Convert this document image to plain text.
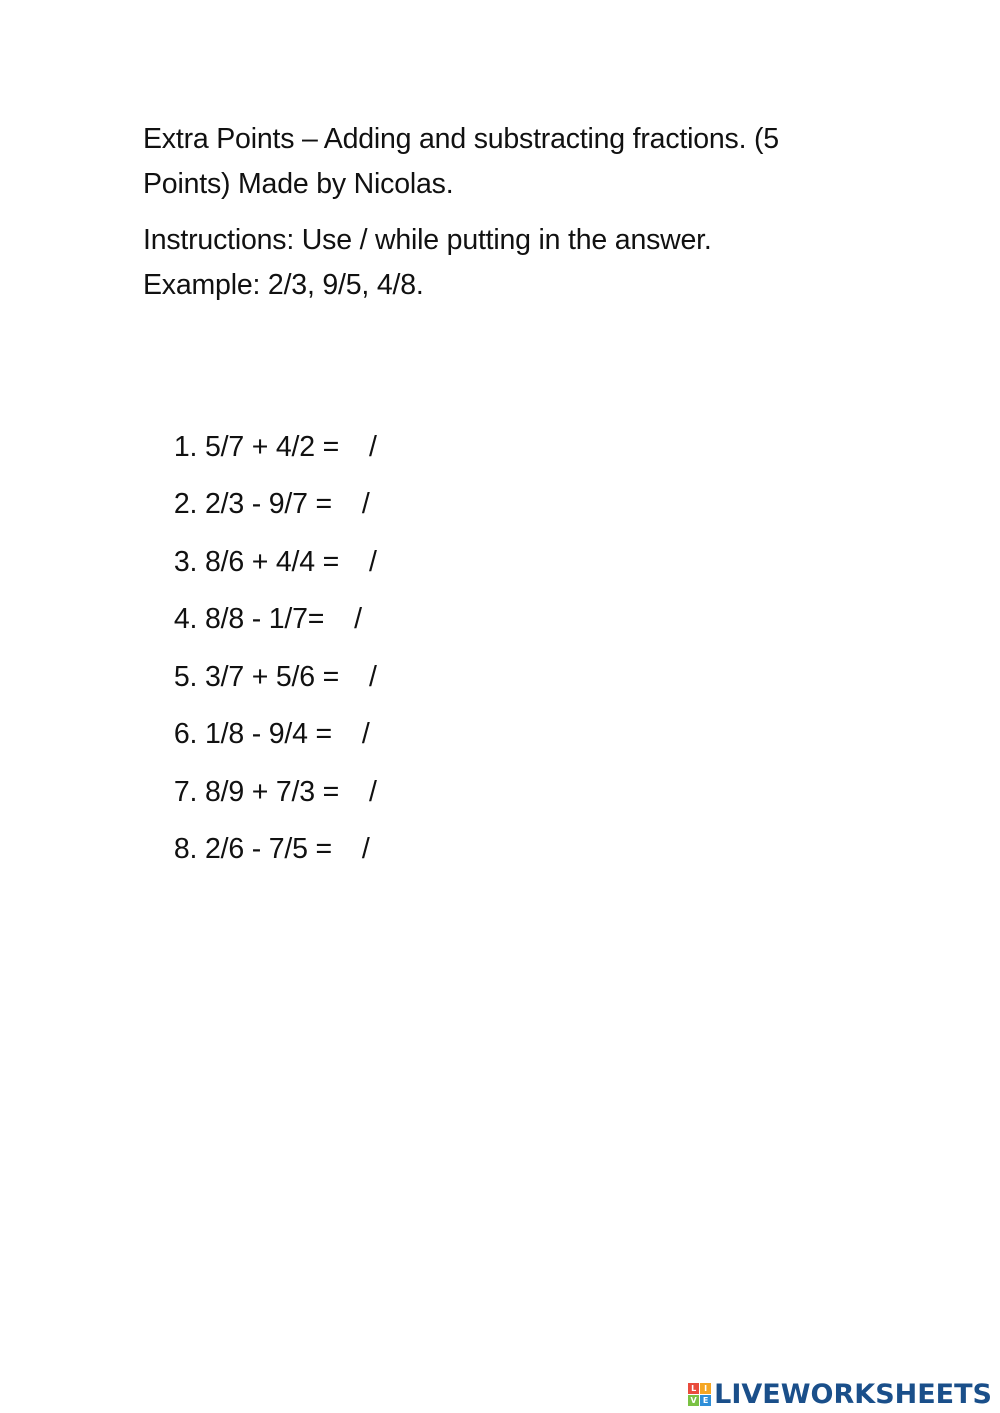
Extra Points – Adding and substracting fractions. (5
Points) Made by Nicolas.
Instructions: Use / while putting in the answer.
Example: 2/3, 9/5, 4/8.

1. 5/7 + 4/2 = /

2. 2/3 - 9/7 = /

3. 8/6 + 4/4 = /

4. 8/8 - 1/7= /

5. 3/7 + 5/6 = /

6. 1/8 - 9/4 = /

7. 8/9 + 7/3 = /

8. 2/6 - 7/5 = /

L I
V E LIVEWORKSHEETS
